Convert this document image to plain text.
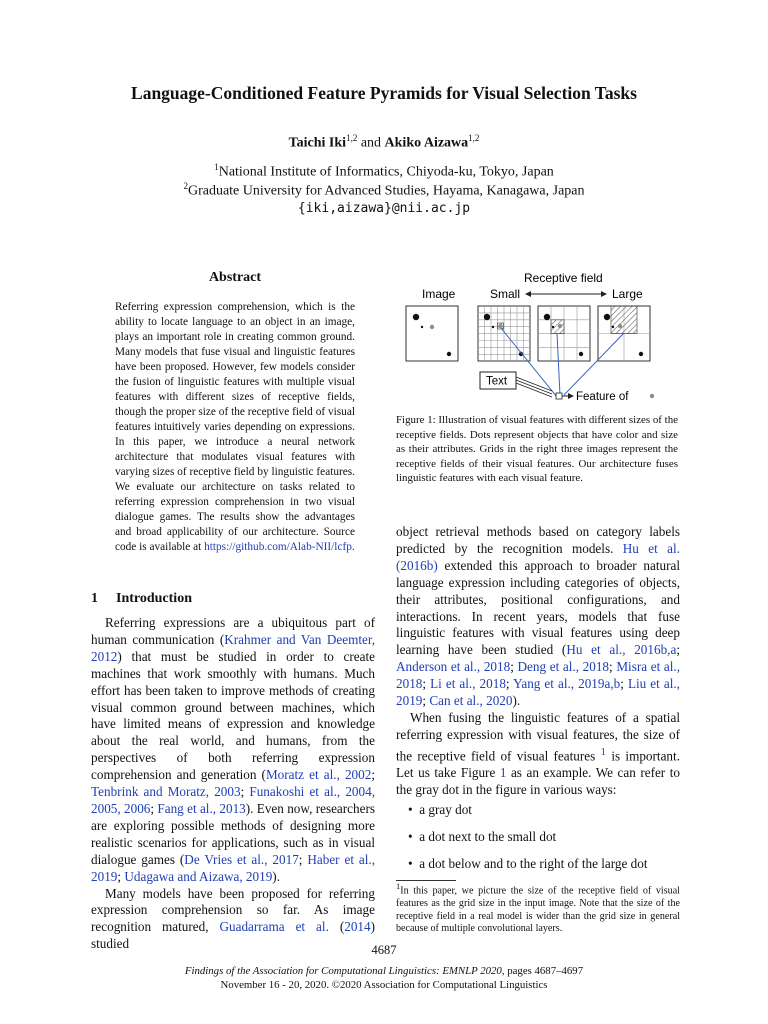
Language-Conditioned Feature Pyramids for Visual Selection Tasks
Taichi Iki$^{1,2}$ and Akiko Aizawa$^{1,2}$
$^1$National Institute of Informatics, Chiyoda-ku, Tokyo, Japan
$^2$Graduate University for Advanced Studies, Hayama, Kanagawa, Japan
{iki,aizawa}@nii.ac.jp
Abstract
Referring expression comprehension, which is the ability to locate language to an object in an image, plays an important role in creating common ground. Many models that fuse visual and linguistic features have been proposed. However, few models consider the fusion of linguistic features with multiple visual features with different sizes of receptive fields, though the proper size of the receptive field of visual features intuitively varies depending on expressions. In this paper, we introduce a neural network architecture that modulates visual features with varying sizes of receptive field by linguistic features. We evaluate our architecture on tasks related to referring expression comprehension in two visual dialogue games. The results show the advantages and broad applicability of our architecture. Source code is available at https://github.com/Alab-NII/lcfp.
1 Introduction

Referring expressions are a ubiquitous part of human communication (Krahmer and Van Deemter, 2012) that must be studied in order to create machines that work smoothly with humans. Much effort has been taken to improve methods of creating visual common ground between machines, which have limited means of expression and knowledge about the real world, and humans, from the perspectives of both referring expression comprehension and generation (Moratz et al., 2002; Tenbrink and Moratz, 2003; Funakoshi et al., 2004, 2005, 2006; Fang et al., 2013). Even now, researchers are exploring possible methods of designing more realistic scenarios for applications, such as in visual dialogue games (De Vries et al., 2017; Haber et al., 2019; Udagawa and Aizawa, 2019).

Many models have been proposed for referring expression comprehension so far. As image recognition matured, Guadarrama et al. (2014) studied

Image
Receptive field
Small	Large
Text
Feature of
Figure 1: Illustration of visual features with different sizes of the receptive fields. Dots represent objects that have color and size as their attributes. Grids in the right three images represent the receptive fields of their visual features. Our architecture fuses linguistic features with each visual feature.

object retrieval methods based on category labels predicted by the recognition models. Hu et al. (2016b) extended this approach to broader natural language expression including categories of objects, their attributes, positional configurations, and interactions. In recent years, models that fuse linguistic features with visual features using deep learning have been studied (Hu et al., 2016b,a; Anderson et al., 2018; Deng et al., 2018; Misra et al., 2018; Li et al., 2018; Yang et al., 2019a,b; Liu et al., 2019; Can et al., 2020).

When fusing the linguistic features of a spatial referring expression with visual features, the size of the receptive field of visual features $^1$ is important. Let us take Figure 1 as an example. We can refer to the gray dot in the figure in various ways:

• a gray dot
• a dot next to the small dot
• a dot below and to the right of the large dot
$^1$In this paper, we picture the size of the receptive field of visual features as the grid size in the input image. Note that the size of the receptive field in a real model is wider than the grid size in general because of multiple convolutional layers.
4687
Findings of the Association for Computational Linguistics: EMNLP 2020, pages 4687–4697
November 16 - 20, 2020. ©2020 Association for Computational Linguistics
